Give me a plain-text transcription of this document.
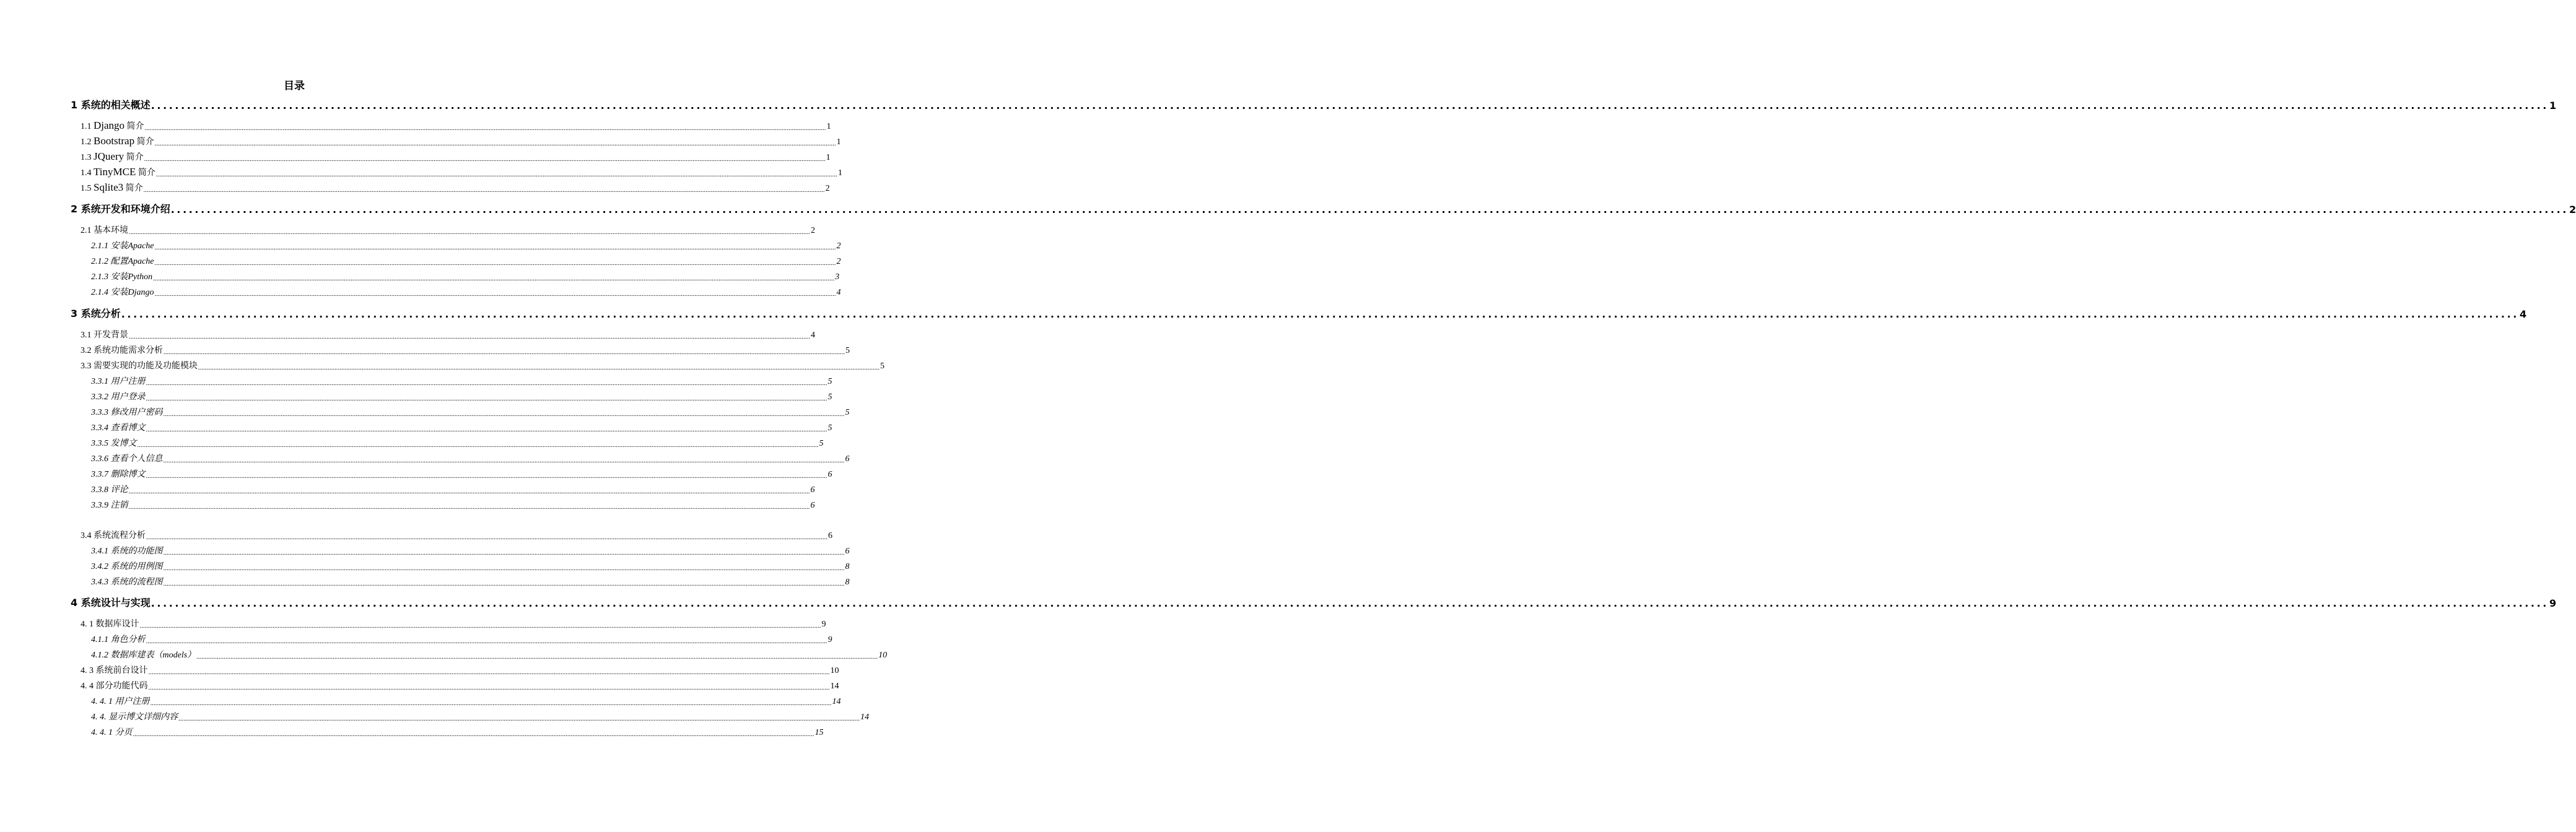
目录
1 系统的相关概述 ................................................................................................................................................................................................................................................................................................................................................................................................................ 1
1.1 Django 简介 ................................................................................................................................................................................................................................................................................................................................................................................................................ 1
1.2 Bootstrap 简介 ................................................................................................................................................................................................................................................................................................................................................................................................................ 1
1.3 JQuery 简介 ................................................................................................................................................................................................................................................................................................................................................................................................................ 1
1.4 TinyMCE 简介 ................................................................................................................................................................................................................................................................................................................................................................................................................ 1
1.5 Sqlite3 简介 ................................................................................................................................................................................................................................................................................................................................................................................................................ 2
2 系统开发和环境介绍 ................................................................................................................................................................................................................................................................................................................................................................................................................ 2
2.1 基本环境 ................................................................................................................................................................................................................................................................................................................................................................................................................ 2
2.1.1 安装Apache ................................................................................................................................................................................................................................................................................................................................................................................................................ 2
2.1.2 配置Apache ................................................................................................................................................................................................................................................................................................................................................................................................................ 2
2.1.3 安装Python ................................................................................................................................................................................................................................................................................................................................................................................................................ 3
2.1.4 安装Django ................................................................................................................................................................................................................................................................................................................................................................................................................ 4
3 系统分析 ................................................................................................................................................................................................................................................................................................................................................................................................................ 4
3.1 开发背景 ................................................................................................................................................................................................................................................................................................................................................................................................................ 4
3.2 系统功能需求分析 ................................................................................................................................................................................................................................................................................................................................................................................................................ 5
3.3 需要实现的功能及功能模块 ................................................................................................................................................................................................................................................................................................................................................................................................................ 5
3.3.1 用户注册 ................................................................................................................................................................................................................................................................................................................................................................................................................ 5
3.3.2 用户登录 ................................................................................................................................................................................................................................................................................................................................................................................................................ 5
3.3.3 修改用户密码 ................................................................................................................................................................................................................................................................................................................................................................................................................ 5
3.3.4 查看博文 ................................................................................................................................................................................................................................................................................................................................................................................................................ 5
3.3.5 发博文 ................................................................................................................................................................................................................................................................................................................................................................................................................ 5
3.3.6 查看个人信息 ................................................................................................................................................................................................................................................................................................................................................................................................................ 6
3.3.7 删除博文 ................................................................................................................................................................................................................................................................................................................................................................................................................ 6
3.3.8 评论 ................................................................................................................................................................................................................................................................................................................................................................................................................ 6
3.3.9 注销 ................................................................................................................................................................................................................................................................................................................................................................................................................ 6
3.4 系统流程分析 ................................................................................................................................................................................................................................................................................................................................................................................................................ 6
3.4.1 系统的功能图 ................................................................................................................................................................................................................................................................................................................................................................................................................ 6
3.4.2 系统的用例图 ................................................................................................................................................................................................................................................................................................................................................................................................................ 8
3.4.3 系统的流程图 ................................................................................................................................................................................................................................................................................................................................................................................................................ 8
4 系统设计与实现 ................................................................................................................................................................................................................................................................................................................................................................................................................ 9
4. 1 数据库设计 ................................................................................................................................................................................................................................................................................................................................................................................................................ 9
4.1.1 角色分析 ................................................................................................................................................................................................................................................................................................................................................................................................................ 9
4.1.2 数据库建表（models） ................................................................................................................................................................................................................................................................................................................................................................................................................ 10
4. 3 系统前台设计 ................................................................................................................................................................................................................................................................................................................................................................................................................ 10
4. 4 部分功能代码 ................................................................................................................................................................................................................................................................................................................................................................................................................ 14
4. 4. 1 用户注册 ................................................................................................................................................................................................................................................................................................................................................................................................................ 14
4. 4. 显示博文详细内容 ................................................................................................................................................................................................................................................................................................................................................................................................................ 14
4. 4. 1 分页 ................................................................................................................................................................................................................................................................................................................................................................................................................ 15
